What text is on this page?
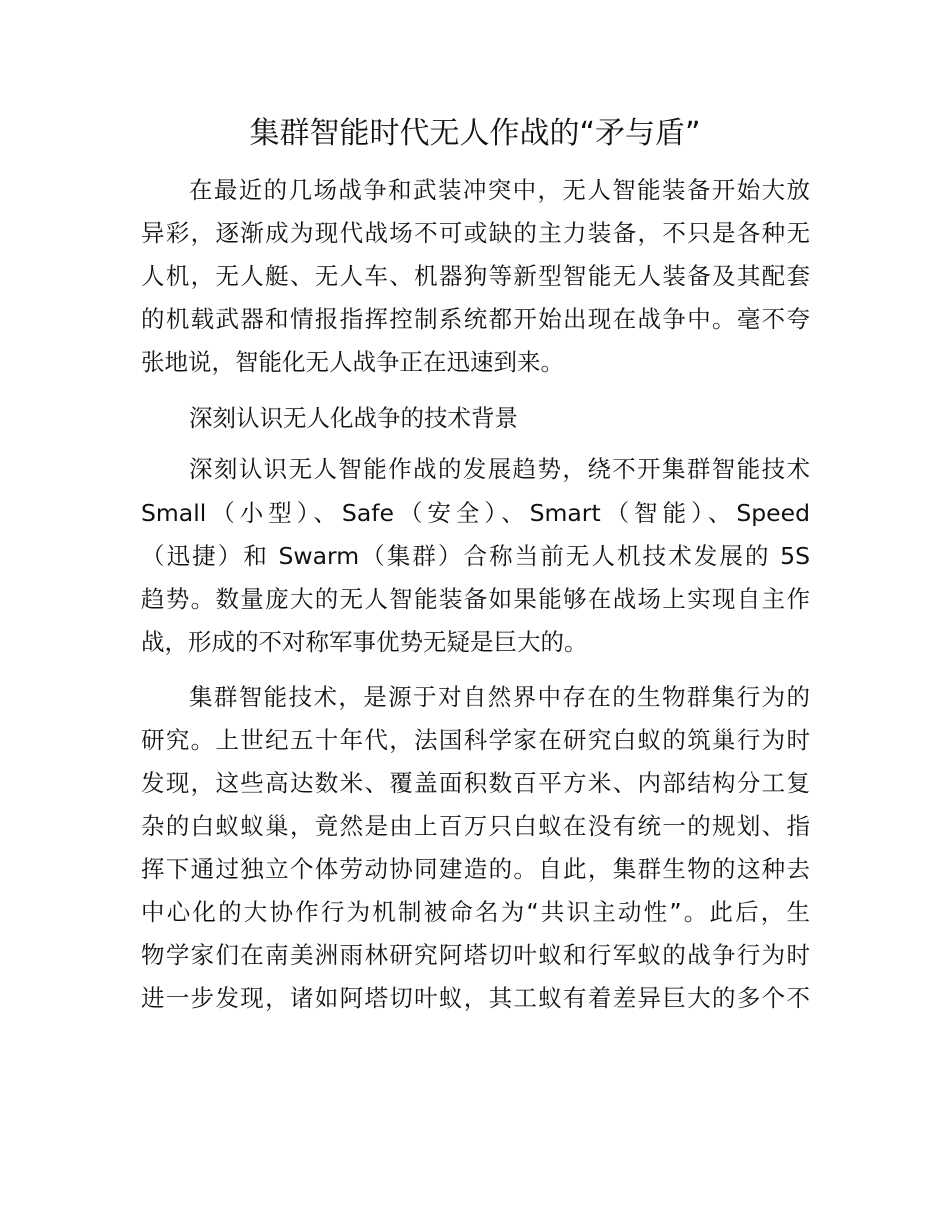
集群智能时代无人作战的“矛与盾”
在最近的几场战争和武装冲突中，无人智能装备开始大放
异彩，逐渐成为现代战场不可或缺的主力装备，不只是各种无
人机，无人艇、无人车、机器狗等新型智能无人装备及其配套
的机载武器和情报指挥控制系统都开始出现在战争中。毫不夸
张地说，智能化无人战争正在迅速到来。
深刻认识无人化战争的技术背景
深刻认识无人智能作战的发展趋势，绕不开集群智能技术
Small（小型）、Safe（安全）、Smart（智能）、Speed
（迅捷）和 Swarm（集群）合称当前无人机技术发展的 5S
趋势。数量庞大的无人智能装备如果能够在战场上实现自主作
战，形成的不对称军事优势无疑是巨大的。
集群智能技术，是源于对自然界中存在的生物群集行为的
研究。上世纪五十年代，法国科学家在研究白蚁的筑巢行为时
发现，这些高达数米、覆盖面积数百平方米、内部结构分工复
杂的白蚁蚁巢，竟然是由上百万只白蚁在没有统一的规划、指
挥下通过独立个体劳动协同建造的。自此，集群生物的这种去
中心化的大协作行为机制被命名为“共识主动性”。此后，生
物学家们在南美洲雨林研究阿塔切叶蚁和行军蚁的战争行为时
进一步发现，诸如阿塔切叶蚁，其工蚁有着差异巨大的多个不
